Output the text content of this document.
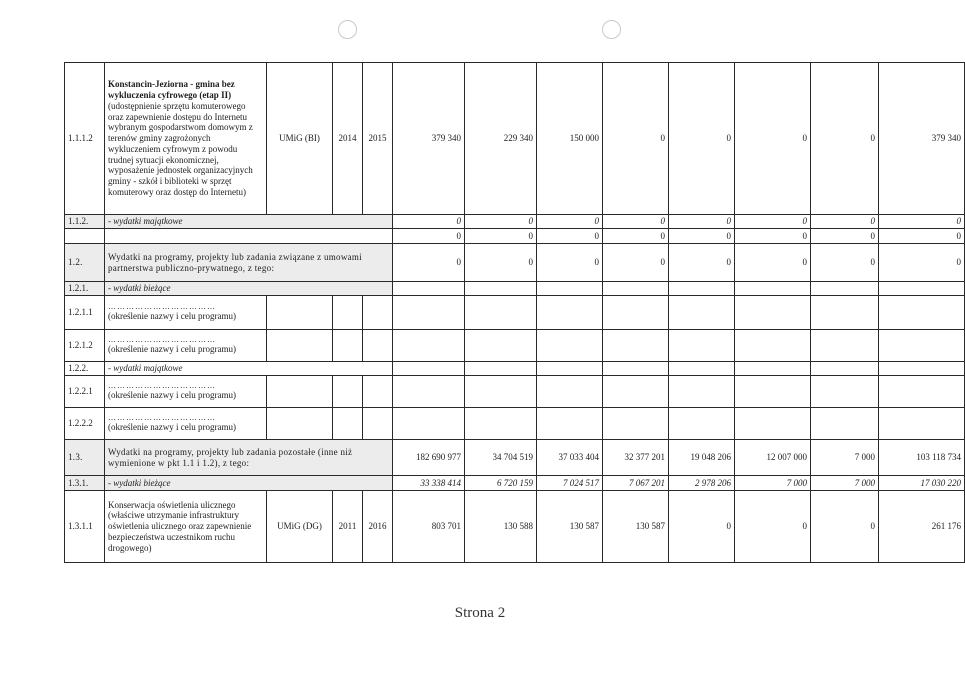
1.1.1.2	Konstancin-Jeziorna - gmina bez wykluczenia cyfrowego (etap II) (udostępnienie sprzętu komuterowego oraz zapewnienie dostępu do Internetu wybranym gospodarstwom domowym z terenów gminy zagrożonych wykluczeniem cyfrowym z powodu trudnej sytuacji ekonomicznej, wyposażenie jednostek organizacyjnych gminy - szkół i biblioteki w sprzęt komuterowy oraz dostęp do Internetu)	UMiG (BI)	2014	2015	379 340	229 340	150 000	0	0	0	0	379 340
1.1.2.	- wydatki majątkowe				0	0	0	0	0	0	0	0
					0	0	0	0	0	0	0	0
1.2.	Wydatki na programy, projekty lub zadania związane z umowami partnerstwa publiczno-prywatnego, z tego:				0	0	0	0	0	0	0	0
1.2.1.	- wydatki bieżące											
1.2.1.1	………………………………
(określenie nazwy i celu programu)											
1.2.1.2	………………………………
(określenie nazwy i celu programu)											
1.2.2.	- wydatki majątkowe											
1.2.2.1	………………………………
(określenie nazwy i celu programu)											
1.2.2.2	………………………………
(określenie nazwy i celu programu)											
1.3.	Wydatki na programy, projekty lub zadania pozostałe (inne niż wymienione w pkt 1.1 i 1.2), z tego:				182 690 977	34 704 519	37 033 404	32 377 201	19 048 206	12 007 000	7 000	103 118 734
1.3.1.	- wydatki bieżące				33 338 414	6 720 159	7 024 517	7 067 201	2 978 206	7 000	7 000	17 030 220
1.3.1.1	Konserwacja oświetlenia ulicznego (właściwe utrzymanie infrastruktury oświetlenia ulicznego oraz zapewnienie bezpieczeństwa uczestnikom ruchu drogowego)	UMiG (DG)	2011	2016	803 701	130 588	130 587	130 587	0	0	0	261 176
Strona 2
